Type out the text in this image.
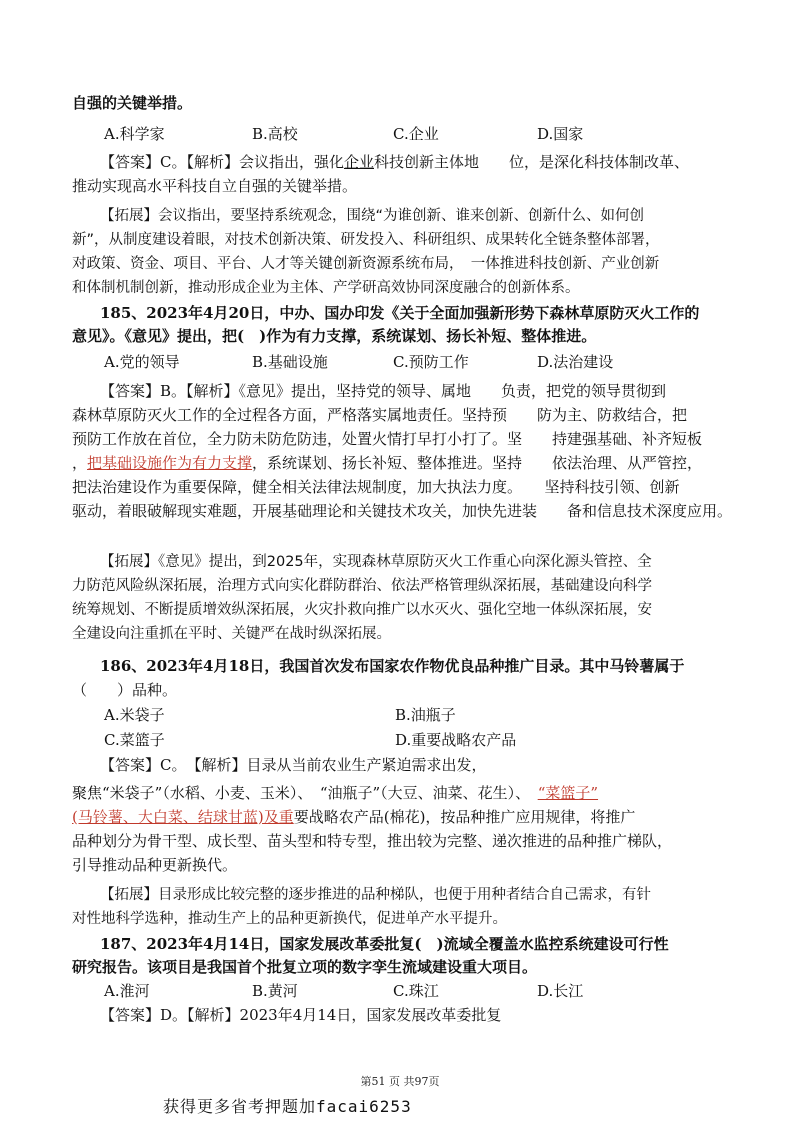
自强的关键举措。
A.科学家	B.高校	C.企业	D.国家
【答案】C。【解析】会议指出，强化企业科技创新主体地　　位，是深化科技体制改革、
推动实现高水平科技自立自强的关键举措。
【拓展】会议指出，要坚持系统观念，围绕“为谁创新、谁来创新、创新什么、如何创
新”，从制度建设着眼，对技术创新决策、研发投入、科研组织、成果转化全链条整体部署，
对政策、资金、项目、平台、人才等关键创新资源系统布局，　一体推进科技创新、产业创新
和体制机制创新，推动形成企业为主体、产学研高效协同深度融合的创新体系。
185、2023年4月20日，中办、国办印发《关于全面加强新形势下森林草原防灭火工作的
意见》。《意见》提出，把(　)作为有力支撑，系统谋划、扬长补短、整体推进。
A.党的领导	B.基础设施	C.预防工作	D.法治建设
【答案】B。【解析】《意见》提出，坚持党的领导、属地　　负责，把党的领导贯彻到
森林草原防灭火工作的全过程各方面，严格落实属地责任。坚持预　　防为主、防救结合，把
预防工作放在首位，全力防未防危防违，处置火情打早打小打了。坚　　持建强基础、补齐短板
，把基础设施作为有力支撑，系统谋划、扬长补短、整体推进。坚持　　依法治理、从严管控，
把法治建设作为重要保障，健全相关法律法规制度，加大执法力度。　　坚持科技引领、创新
驱动，着眼破解现实难题，开展基础理论和关键技术攻关，加快先进装　　备和信息技术深度应用。
【拓展】《意见》提出，到2025年，实现森林草原防灭火工作重心向深化源头管控、全
力防范风险纵深拓展，治理方式向实化群防群治、依法严格管理纵深拓展，基础建设向科学
统筹规划、不断提质增效纵深拓展，火灾扑救向推广以水灭火、强化空地一体纵深拓展，安
全建设向注重抓在平时、关键严在战时纵深拓展。
186、2023年4月18日，我国首次发布国家农作物优良品种推广目录。其中马铃薯属于
（　　）品种。
A.米袋子	B.油瓶子
C.菜篮子	D.重要战略农产品
【答案】C。　【解析】目录从当前农业生产紧迫需求出发，
聚焦“米袋子”（水稻、小麦、玉米）、　“油瓶子”（大豆、油菜、花生）、　“菜篮子”
(马铃薯、大白菜、结球甘蓝)及重要战略农产品(棉花)，按品种推广应用规律，将推广
品种划分为骨干型、成长型、苗头型和特专型，推出较为完整、递次推进的品种推广梯队，
引导推动品种更新换代。
【拓展】目录形成比较完整的逐步推进的品种梯队，也便于用种者结合自己需求，有针
对性地科学选种，推动生产上的品种更新换代，促进单产水平提升。
187、2023年4月14日，国家发展改革委批复(　)流域全覆盖水监控系统建设可行性
研究报告。该项目是我国首个批复立项的数字孪生流域建设重大项目。
A.淮河	B.黄河	C.珠江	D.长江
【答案】D。【解析】2023年4月14日，国家发展改革委批复
第51 页 共97页
获得更多省考押题加facai6253
